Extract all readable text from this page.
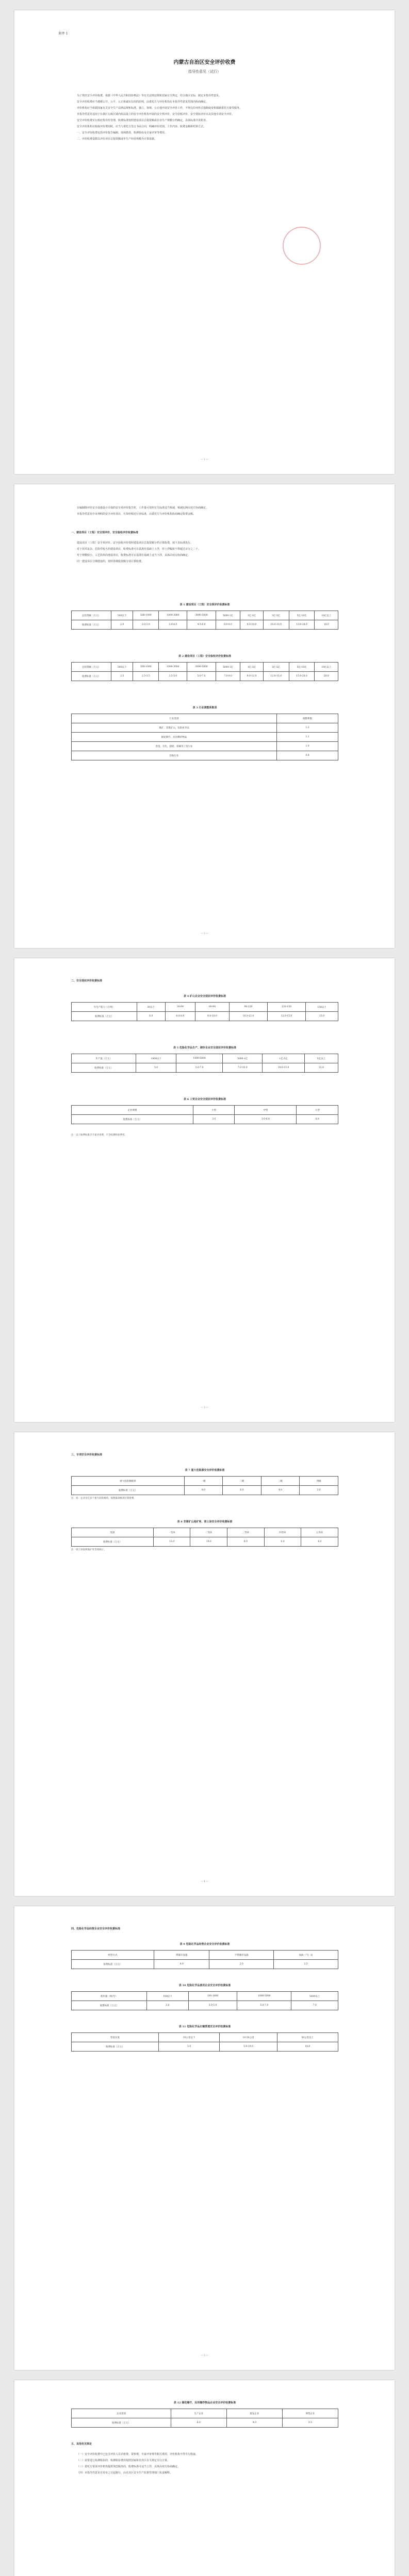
附件 1
内蒙古自治区安全评价收费
指导性意见（试行）

为了规范安全评价收费，依据《中华人民共和国价格法》等有关法律法规和国家有关规定，结合我区实际，制定本指导性意见。

安全评价收费应当遵循公开、公平、公正和诚实信用的原则，由委托方与评价机构在本指导性意见范围内协商确定。

评价机构应当依据国家有关安全生产法律法规和标准，独立、客观、公正地开展安全评价工作，不得以任何形式强制或变相强制委托方接受服务。

本指导性意见适用于在我区行政区域内依法设立的安全评价机构开展的安全预评价、安全验收评价、安全现状评价以及其他专项安全评价。

安全评价收费实行政府指导价管理，收费标准按照建设项目总投资额或企业生产规模分档确定，具体标准详见附表。

安全评价机构在收取评价费用时，应当与委托方签订书面合同，明确评价范围、工作内容、收费金额和结算方式。

一、安全评价收费包括评价报告编制、现场勘查、检测检验及专家评审等费用。

二、评价收费基数以评价项目总投资额或年生产经营规模为计算依据。

— 1 —

在编制除评价安全设施设计专篇的安全预评价报告时，工作量可按照有关标准适当核减，核减比例由双方协商确定。

本指导性意见中未列明的安全评价项目，可参照相近行业标准，由委托方与评价机构协商确定收费金额。

一、建设项目（工程）安全预评价、安全验收评价收费标准

建设项目（工程）安全预评价、安全验收评价按照建设项目总投资额分档计算收费，按下表标准执行。

对于技术复杂、危险性较大的建设项目，收费标准可在基准价基础上上浮，但上浮幅度不得超过百分之二十。

对于规模较小、工艺简单的建设项目，收费标准可在基准价基础上适当下浮，具体由双方协商确定。

同一建设项目分期建设的，按照各期投资额分别计算收费。

表 1 建设项目（工程）安全预评价收费标准
总投资额（万元）	500以下	500-1000	1000-3000	3000-5000	5000-1亿	1亿-3亿	3亿-5亿	5亿-10亿	10亿以上
收费标准（万元）	2.0	2.0-3.0	3.0-4.5	4.5-6.0	6.0-8.0	8.0-10.0	10.0-13.0	13.0-18.0	18.0
表 2 建设项目（工程）安全验收评价收费标准
总投资额（万元）	500以下	500-1000	1000-3000	3000-5000	5000-1亿	1亿-3亿	3亿-5亿	5亿-10亿	10亿以上
收费标准（万元）	2.5	2.5-3.5	3.5-5.0	5.0-7.0	7.0-9.0	9.0-12.0	12.0-15.0	15.0-20.0	20.0
表 3 行业调整系数表
行业类别	调整系数
煤矿、非煤矿山、危险化学品	1.2
烟花爆竹、民用爆炸物品	1.1
冶金、有色、建材、机械等工贸行业	1.0
其他行业	0.8
— 2 —
二、安全现状评价收费标准
表 4 矿山企业安全现状评价收费标准
年生产能力（万吨）	30以下	30-60	60-90	90-120	120-150	150以上
收费标准（万元）	6.0	6.0-8.0	8.0-10.0	10.0-12.0	12.0-15.0	15.0
表 5 危险化学品生产、储存企业安全现状评价收费标准
年产值（万元）	1000以下	1000-5000	5000-1亿	1亿-5亿	5亿以上
收费标准（万元）	5.0	5.0-7.0	7.0-10.0	10.0-15.0	15.0
表 6 工贸企业安全现状评价收费标准
企业规模	小型	中型	大型
收费标准（万元）	3.0	3.0-6.0	6.0
注：以上收费标准含专家评审费，不含检测检验费用。
— 3 —
三、专项安全评价收费标准
表 7 重大危险源安全评价收费标准
重大危险源级别	一级	二级	三级	四级
收费标准（万元）	8.0	6.0	4.0	3.0
注：同一企业存在多个重大危险源的，按照最高级别计算收费。
表 8 非煤矿山尾矿库、排土场安全评价收费标准
类别	一等库	二等库	三等库	四等库	五等库
收费标准（万元）	12.0	10.0	8.0	6.0	4.0
注：排土场参照尾矿库等别执行。
— 4 —
四、危险化学品经营企业安全评价收费标准
表 9 危险化学品经营企业安全评价收费标准
经营方式	带储存设施	不带储存设施	加油（气）站
收费标准（万元）	4.0	2.0	2.5
表 10 危险化学品使用企业安全评价收费标准
使用量（吨/年）	100以下	100-1000	1000-5000	5000以上
收费标准（万元）	3.0	3.0-5.0	5.0-7.0	7.0
表 11 危险化学品长输管道安全评价收费标准
管道长度	10公里以下	10-50公里	50公里以上
收费标准（万元）	5.0	5.0-10.0	10.0
— 5 —
表 12 烟花爆竹、民用爆炸物品企业安全评价收费标准
企业类别	生产企业	批发企业	零售企业
收费标准（万元）	6.0	4.0	0.5
五、其他有关规定

（一）安全评价收费中已包含评价人员差旅费、资料费、专家评审费等相关费用，评价机构不得另行收取。

（二）需要进行检测检验的，检测检验费用按照国家和自治区有关规定另行计算。

（三）委托方要求评价机构提供加急服务的，收费标准可适当上浮，具体由双方协商确定。

（四）本指导性意见自发布之日起施行，由自治区安全生产监督管理部门负责解释。
